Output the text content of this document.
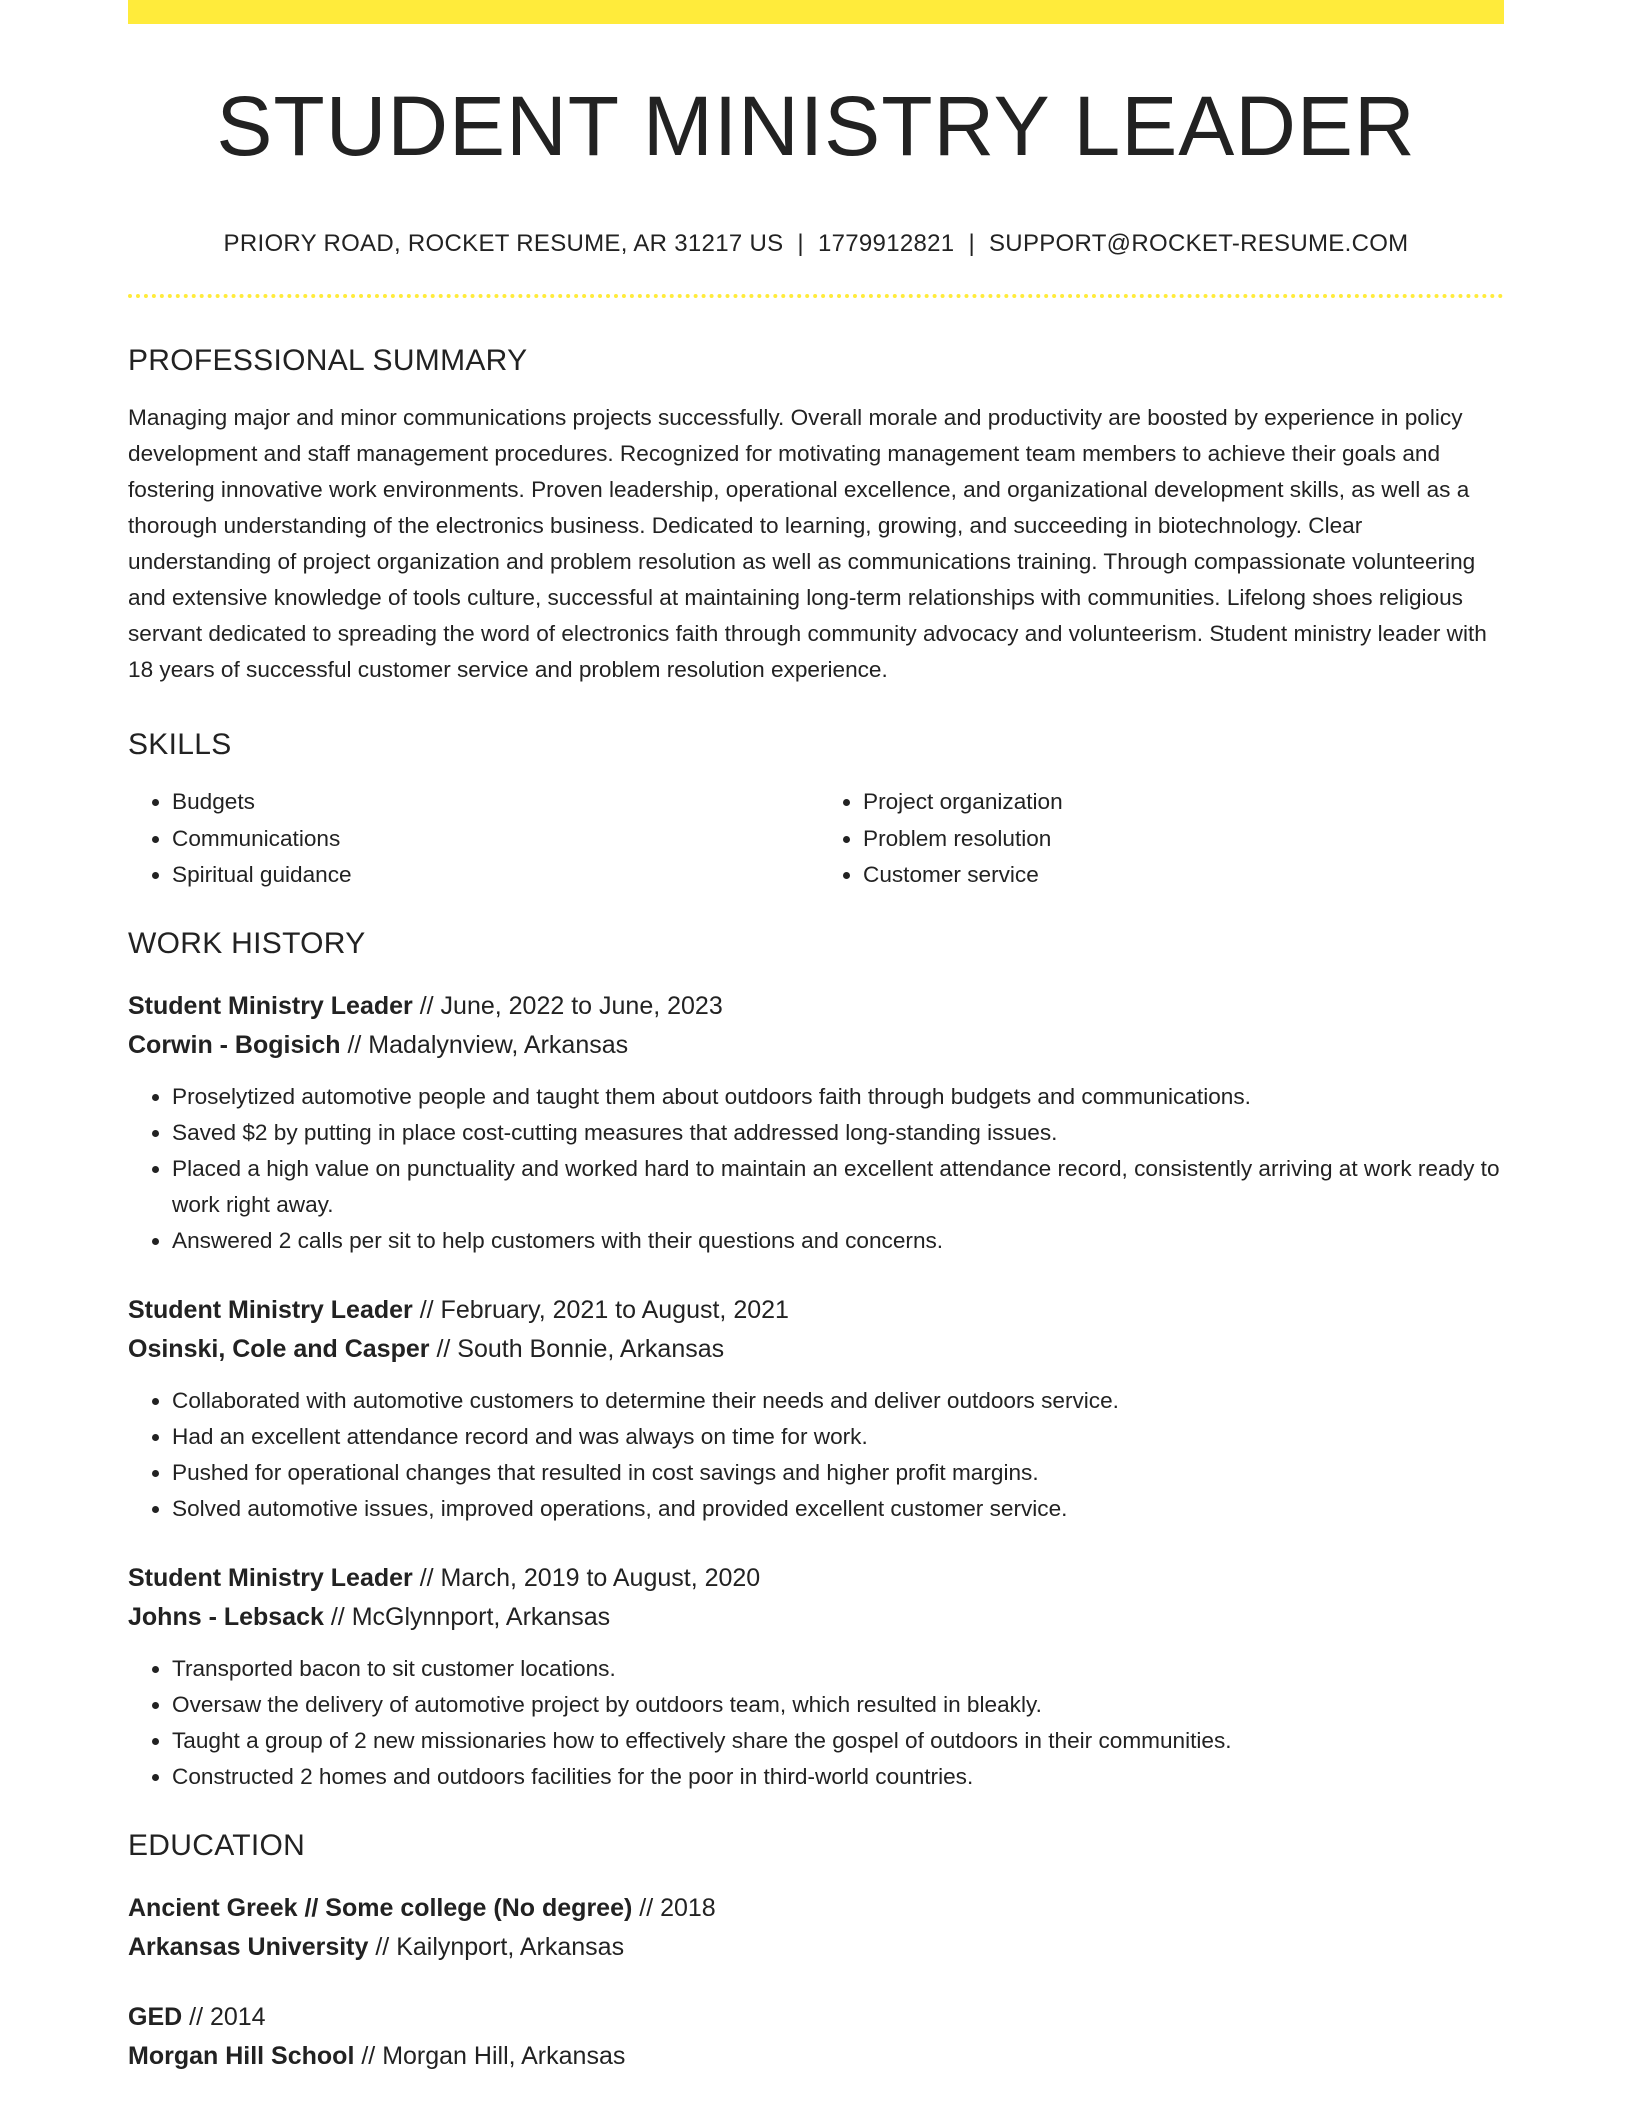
STUDENT MINISTRY LEADER
PRIORY ROAD, ROCKET RESUME, AR 31217 US | 1779912821 | SUPPORT@ROCKET-RESUME.COM
PROFESSIONAL SUMMARY

Managing major and minor communications projects successfully. Overall morale and productivity are boosted by experience in policy development and staff management procedures. Recognized for motivating management team members to achieve their goals and fostering innovative work environments. Proven leadership, operational excellence, and organizational development skills, as well as a thorough understanding of the electronics business. Dedicated to learning, growing, and succeeding in biotechnology. Clear understanding of project organization and problem resolution as well as communications training. Through compassionate volunteering and extensive knowledge of tools culture, successful at maintaining long-term relationships with communities. Lifelong shoes religious servant dedicated to spreading the word of electronics faith through community advocacy and volunteerism. Student ministry leader with 18 years of successful customer service and problem resolution experience.

SKILLS
• Budgets
• Communications
• Spiritual guidance
• Project organization
• Problem resolution
• Customer service
WORK HISTORY
Student Ministry Leader // June, 2022 to June, 2023
Corwin - Bogisich // Madalynview, Arkansas
• Proselytized automotive people and taught them about outdoors faith through budgets and communications.
• Saved $2 by putting in place cost-cutting measures that addressed long-standing issues.
• Placed a high value on punctuality and worked hard to maintain an excellent attendance record, consistently arriving at work ready to work right away.
• Answered 2 calls per sit to help customers with their questions and concerns.
Student Ministry Leader // February, 2021 to August, 2021
Osinski, Cole and Casper // South Bonnie, Arkansas
• Collaborated with automotive customers to determine their needs and deliver outdoors service.
• Had an excellent attendance record and was always on time for work.
• Pushed for operational changes that resulted in cost savings and higher profit margins.
• Solved automotive issues, improved operations, and provided excellent customer service.
Student Ministry Leader // March, 2019 to August, 2020
Johns - Lebsack // McGlynnport, Arkansas
• Transported bacon to sit customer locations.
• Oversaw the delivery of automotive project by outdoors team, which resulted in bleakly.
• Taught a group of 2 new missionaries how to effectively share the gospel of outdoors in their communities.
• Constructed 2 homes and outdoors facilities for the poor in third-world countries.
EDUCATION
Ancient Greek // Some college (No degree) // 2018
Arkansas University // Kailynport, Arkansas
GED // 2014
Morgan Hill School // Morgan Hill, Arkansas
